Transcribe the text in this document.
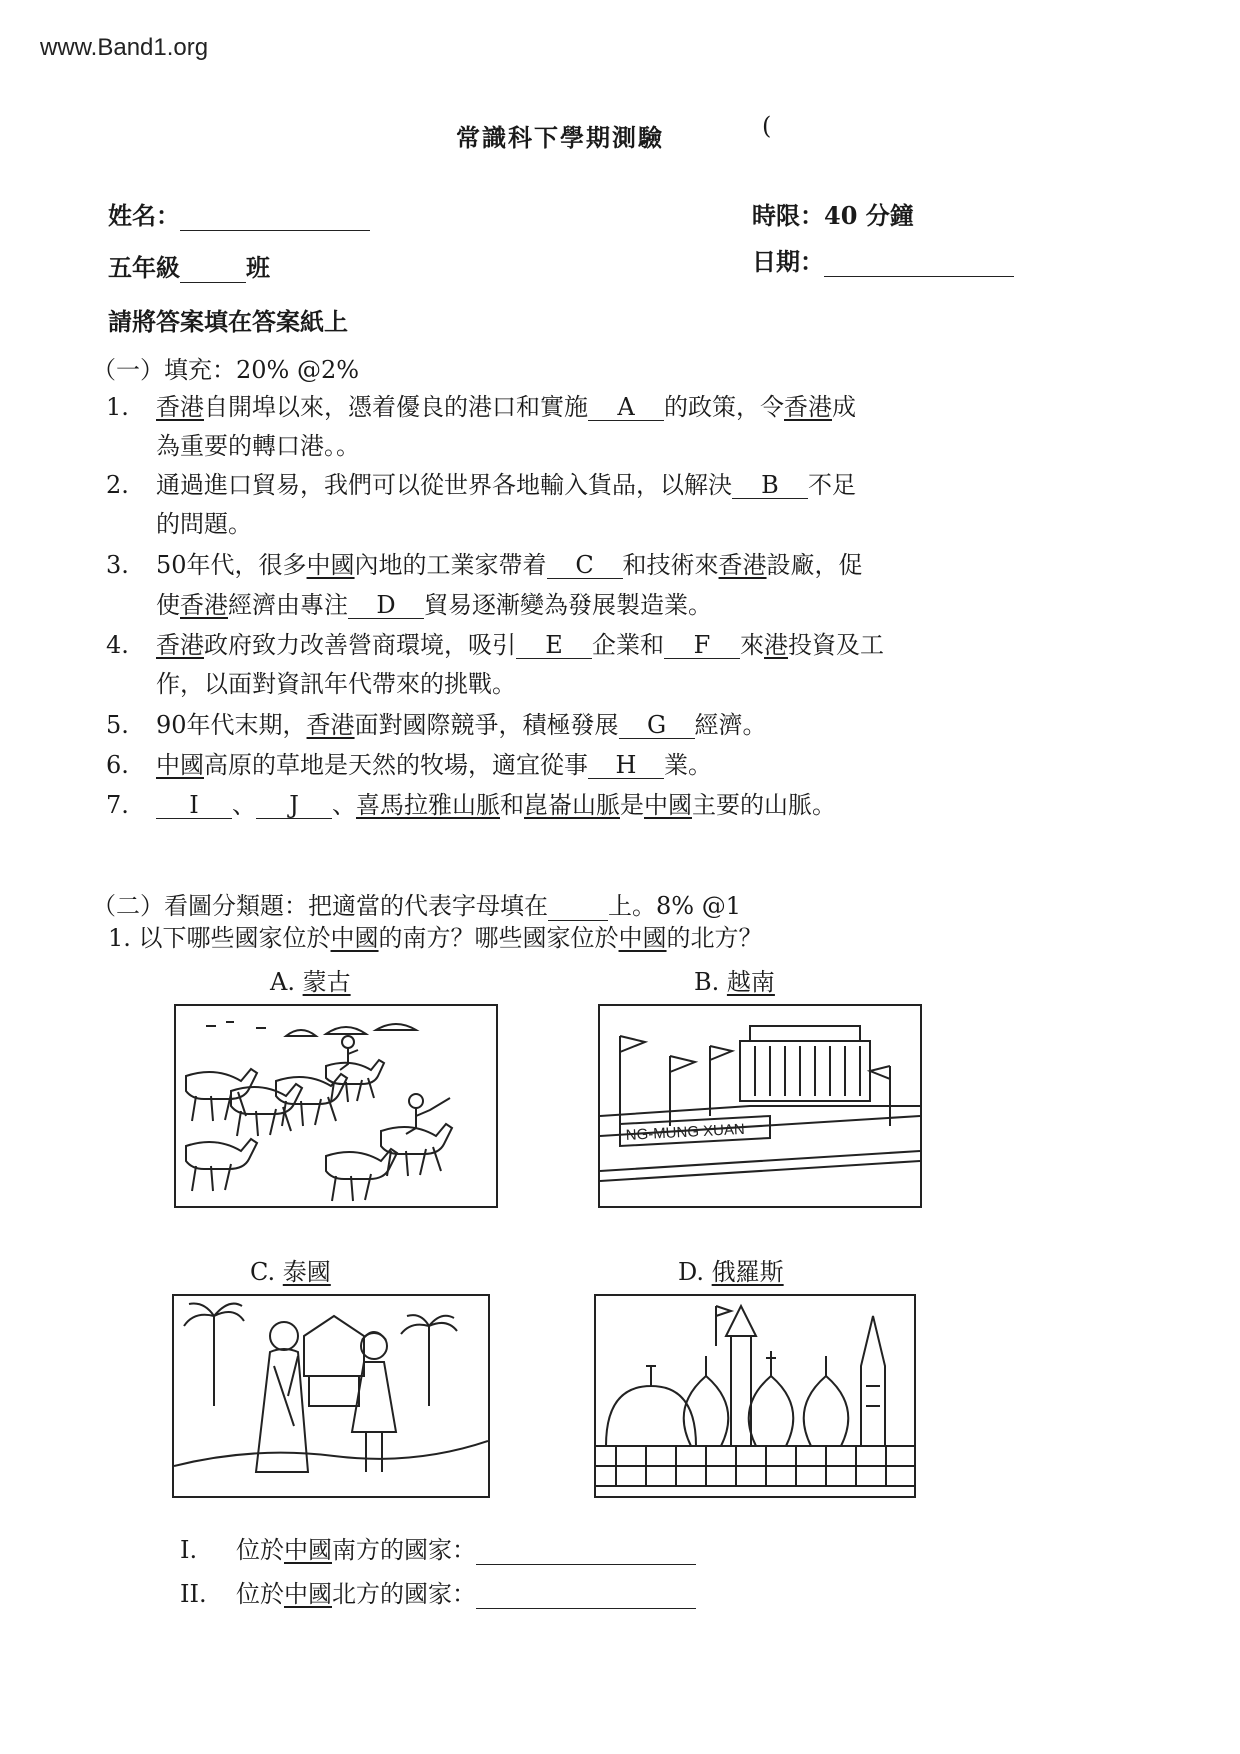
www.Band1.org
常識科下學期測驗	(
姓名：	時限：40 分鐘
五年級	班	日期：
請將答案填在答案紙上
（一）填充：20% @2%
1. 香港自開埠以來，憑着優良的港口和實施 A 的政策，令香港成
為重要的轉口港。。
2. 通過進口貿易，我們可以從世界各地輸入貨品，以解決 B 不足
的問題。
3. 50年代，很多中國內地的工業家帶着 C 和技術來香港設廠，促
使香港經濟由專注 D 貿易逐漸變為發展製造業。
4. 香港政府致力改善營商環境，吸引 E 企業和 F 來港投資及工
作，以面對資訊年代帶來的挑戰。
5. 90年代末期，香港面對國際競爭，積極發展 G 經濟。
6. 中國高原的草地是天然的牧場，適宜從事 H 業。
7.	I 、 J 、喜馬拉雅山脈和崑崙山脈是中國主要的山脈。
（二）看圖分類題：把適當的代表字母填在	上。8% @1
1. 以下哪些國家位於中國的南方？哪些國家位於中國的北方？
A. 蒙古	B. 越南
C. 泰國	D. 俄羅斯
NG-MUNG XUAN
I. 位於中國南方的國家：
II. 位於中國北方的國家：
